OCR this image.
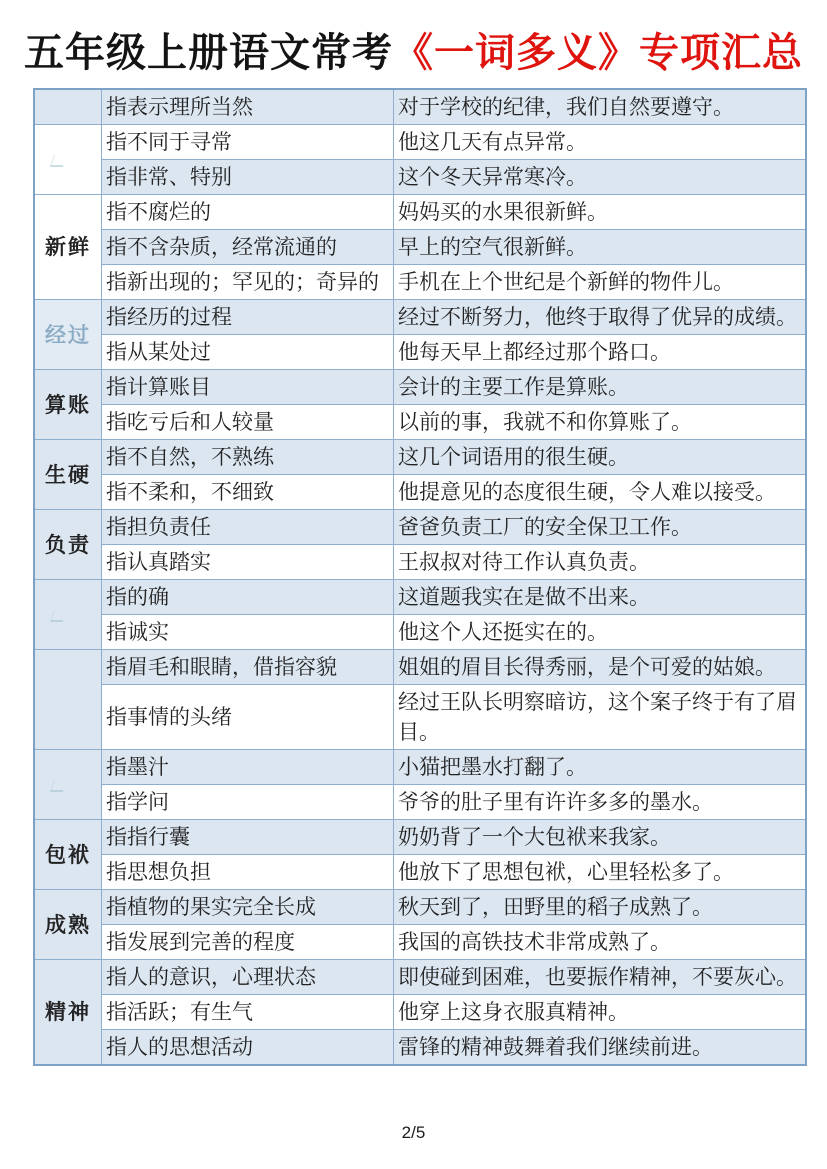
五年级上册语文常考《一词多义》专项汇总
	指表示理所当然	对于学校的纪律，我们自然要遵守。
	指不同于寻常	他这几天有点异常。
	指非常、特别	这个冬天异常寒冷。
新鲜	指不腐烂的	妈妈买的水果很新鲜。
	指不含杂质，经常流通的	早上的空气很新鲜。
	指新出现的；罕见的；奇异的	手机在上个世纪是个新鲜的物件儿。
经过	指经历的过程	经过不断努力，他终于取得了优异的成绩。
	指从某处过	他每天早上都经过那个路口。
算账	指计算账目	会计的主要工作是算账。
	指吃亏后和人较量	以前的事，我就不和你算账了。
生硬	指不自然，不熟练	这几个词语用的很生硬。
	指不柔和，不细致	他提意见的态度很生硬，令人难以接受。
负责	指担负责任	爸爸负责工厂的安全保卫工作。
	指认真踏实	王叔叔对待工作认真负责。
	指的确	这道题我实在是做不出来。
	指诚实	他这个人还挺实在的。
	指眉毛和眼睛，借指容貌	姐姐的眉目长得秀丽，是个可爱的姑娘。
	指事情的头绪	经过王队长明察暗访，这个案子终于有了眉目。
	指墨汁	小猫把墨水打翻了。
	指学问	爷爷的肚子里有许许多多的墨水。
包袱	指指行囊	奶奶背了一个大包袱来我家。
	指思想负担	他放下了思想包袱，心里轻松多了。
成熟	指植物的果实完全长成	秋天到了，田野里的稻子成熟了。
	指发展到完善的程度	我国的高铁技术非常成熟了。
精神	指人的意识，心理状态	即使碰到困难，也要振作精神，不要灰心。
	指活跃；有生气	他穿上这身衣服真精神。
	指人的思想活动	雷锋的精神鼓舞着我们继续前进。
2/5
